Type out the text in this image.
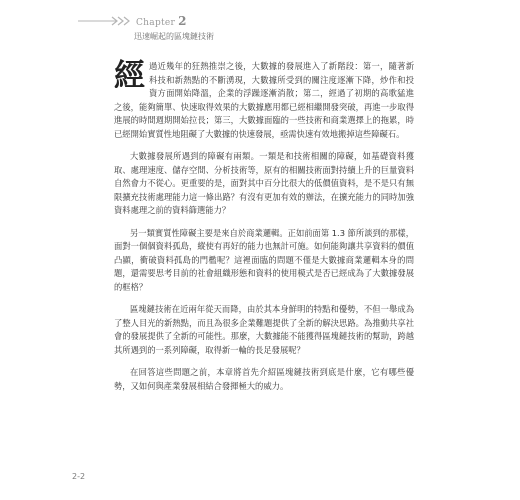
Chapter 2
迅速崛起的區塊鏈技術

經過近幾年的狂熱推崇之後，大數據的發展進入了新階段：第一，隨著新科技和新熱點的不斷湧現，大數據所受到的關注度逐漸下降，炒作和投資方面開始降溫，企業的浮躁逐漸消散；第二，經過了初期的高歌猛進之後，能夠簡單、快速取得效果的大數據應用都已經相繼開發突破，再進一步取得進展的時間週期開始拉長；第三，大數據面臨的一些技術和商業選擇上的拖累，時已經開始實質性地阻礙了大數據的快速發展，亟需快速有效地搬掉這些障礙石。

大數據發展所遇到的障礙有兩類。一類是和技術相關的障礙，如基礎資料獲取、處理速度、儲存空間、分析技術等，原有的相關技術面對持續上升的巨量資料自然會力不從心。更重要的是，面對其中百分比很大的低價值資料，是不是只有無限擴充技術處理能力這一條出路？有沒有更加有效的辦法，在擴充能力的同時加強資料處理之前的資料篩選能力？

另一類實質性障礙主要是來自於商業邏輯。正如前面第 1.3 節所談到的那樣，面對一個個資料孤島，縱使有再好的能力也無計可施。如何能夠讓共享資料的價值凸顯，衝破資料孤島的門檻呢？這裡面臨的問題不僅是大數據商業邏輯本身的問題，還需要思考目前的社會組織形態和資料的使用模式是否已經成為了大數據發展的框格？

區塊鏈技術在近兩年從天而降，由於其本身鮮明的特點和優勢，不但一舉成為了整人目光的新熱點，而且為很多企業難題提供了全新的解決思路。為推動共享社會的發展提供了全新的可能性。那麼，大數據能不能獲得區塊鏈技術的幫助，跨越其所遇到的一系列障礙，取得新一輪的長足發展呢？

在回答這些問題之前，本章將首先介紹區塊鏈技術到底是什麼，它有哪些優勢，又如何與產業發展相結合發揮極大的威力。

2-2
